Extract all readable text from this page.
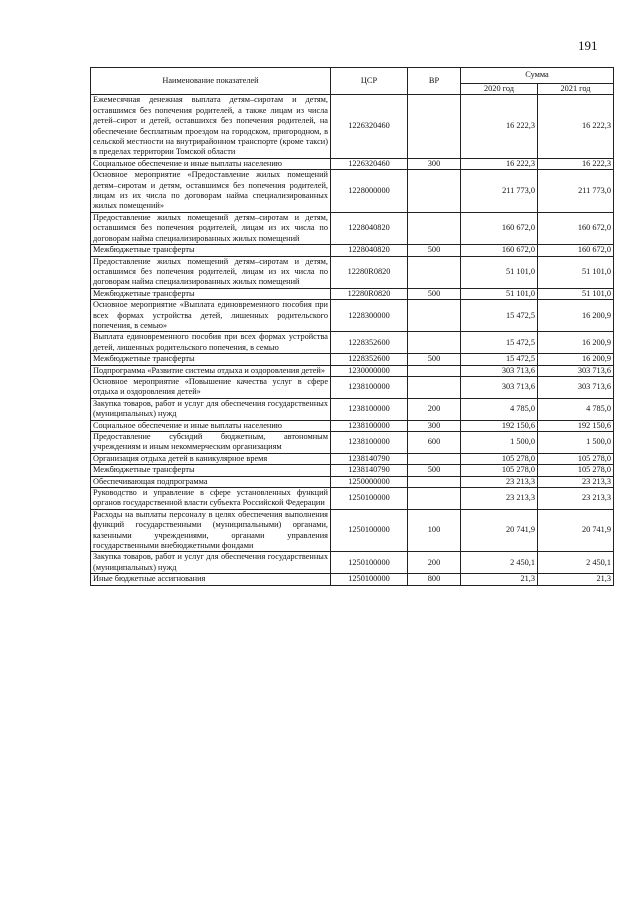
191
Наименование показателей	ЦСР	ВР	Сумма	
			2020 год	2021 год
Ежемесячная денежная выплата детям–сиротам и детям, оставшимся без попечения родителей, а также лицам из числа детей–сирот и детей, оставшихся без попечения родителей, на обеспечение бесплатным проездом на городском, пригородном, в сельской местности на внутрирайонном транспорте (кроме такси) в пределах территории Томской области	1226320460		16 222,3	16 222,3
Социальное обеспечение и иные выплаты населению	1226320460	300	16 222,3	16 222,3
Основное мероприятие «Предоставление жилых помещений детям–сиротам и детям, оставшимся без попечения родителей, лицам из их числа по договорам найма специализированных жилых помещений»	1228000000		211 773,0	211 773,0
Предоставление жилых помещений детям–сиротам и детям, оставшимся без попечения родителей, лицам из их числа по договорам найма специализированных жилых помещений	1228040820		160 672,0	160 672,0
Межбюджетные трансферты	1228040820	500	160 672,0	160 672,0
Предоставление жилых помещений детям–сиротам и детям, оставшимся без попечения родителей, лицам из их числа по договорам найма специализированных жилых помещений	12280R0820		51 101,0	51 101,0
Межбюджетные трансферты	12280R0820	500	51 101,0	51 101,0
Основное мероприятие «Выплата единовременного пособия при всех формах устройства детей, лишенных родительского попечения, в семью»	1228300000		15 472,5	16 200,9
Выплата единовременного пособия при всех формах устройства детей, лишенных родительского попечения, в семью	1228352600		15 472,5	16 200,9
Межбюджетные трансферты	1228352600	500	15 472,5	16 200,9
Подпрограмма «Развитие системы отдыха и оздоровления детей»	1230000000		303 713,6	303 713,6
Основное мероприятие «Повышение качества услуг в сфере отдыха и оздоровления детей»	1238100000		303 713,6	303 713,6
Закупка товаров, работ и услуг для обеспечения государственных (муниципальных) нужд	1238100000	200	4 785,0	4 785,0
Социальное обеспечение и иные выплаты населению	1238100000	300	192 150,6	192 150,6
Предоставление субсидий бюджетным, автономным учреждениям и иным некоммерческим организациям	1238100000	600	1 500,0	1 500,0
Организация отдыха детей в каникулярное время	1238140790		105 278,0	105 278,0
Межбюджетные трансферты	1238140790	500	105 278,0	105 278,0
Обеспечивающая подпрограмма	1250000000		23 213,3	23 213,3
Руководство и управление в сфере установленных функций органов государственной власти субъекта Российской Федерации	1250100000		23 213,3	23 213,3
Расходы на выплаты персоналу в целях обеспечения выполнения функций государственными (муниципальными) органами, казенными учреждениями, органами управления государственными внебюджетными фондами	1250100000	100	20 741,9	20 741,9
Закупка товаров, работ и услуг для обеспечения государственных (муниципальных) нужд	1250100000	200	2 450,1	2 450,1
Иные бюджетные ассигнования	1250100000	800	21,3	21,3
